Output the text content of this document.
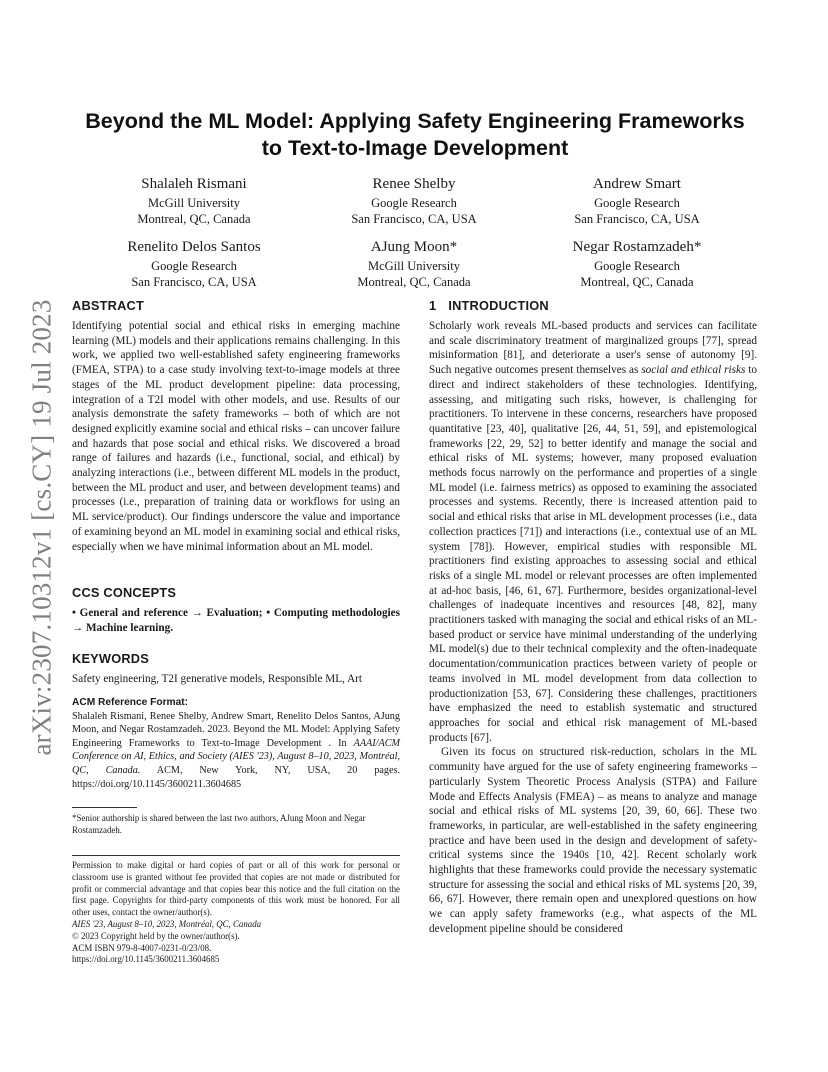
arXiv:2307.10312v1 [cs.CY] 19 Jul 2023
Beyond the ML Model: Applying Safety Engineering Frameworks
to Text-to-Image Development
Shalaleh Rismani
McGill University
Montreal, QC, Canada
Renee Shelby
Google Research
San Francisco, CA, USA
Andrew Smart
Google Research
San Francisco, CA, USA
Renelito Delos Santos
Google Research
San Francisco, CA, USA
AJung Moon*
McGill University
Montreal, QC, Canada
Negar Rostamzadeh*
Google Research
Montreal, QC, Canada
ABSTRACT

Identifying potential social and ethical risks in emerging machine learning (ML) models and their applications remains challenging. In this work, we applied two well-established safety engineering frameworks (FMEA, STPA) to a case study involving text-to-image models at three stages of the ML product development pipeline: data processing, integration of a T2I model with other models, and use. Results of our analysis demonstrate the safety frameworks – both of which are not designed explicitly examine social and ethical risks – can uncover failure and hazards that pose social and ethical risks. We discovered a broad range of failures and hazards (i.e., functional, social, and ethical) by analyzing interactions (i.e., between different ML models in the product, between the ML product and user, and between development teams) and processes (i.e., preparation of training data or workflows for using an ML service/product). Our findings underscore the value and importance of examining beyond an ML model in examining social and ethical risks, especially when we have minimal information about an ML model.

CCS CONCEPTS

• General and reference → Evaluation; • Computing methodologies → Machine learning.

KEYWORDS

Safety engineering, T2I generative models, Responsible ML, Art

ACM Reference Format:

Shalaleh Rismani, Renee Shelby, Andrew Smart, Renelito Delos Santos, AJung Moon, and Negar Rostamzadeh. 2023. Beyond the ML Model: Applying Safety Engineering Frameworks to Text-to-Image Development . In AAAI/ACM Conference on AI, Ethics, and Society (AIES '23), August 8–10, 2023, Montréal, QC, Canada. ACM, New York, NY, USA, 20 pages. https://doi.org/10.1145/3600211.3604685

*Senior authorship is shared between the last two authors, AJung Moon and Negar Rostamzadeh.

Permission to make digital or hard copies of part or all of this work for personal or classroom use is granted without fee provided that copies are not made or distributed for profit or commercial advantage and that copies bear this notice and the full citation on the first page. Copyrights for third-party components of this work must be honored. For all other uses, contact the owner/author(s).

AIES '23, August 8–10, 2023, Montréal, QC, Canada

© 2023 Copyright held by the owner/author(s).

ACM ISBN 979-8-4007-0231-0/23/08.

https://doi.org/10.1145/3600211.3604685

1 INTRODUCTION

Scholarly work reveals ML-based products and services can facilitate and scale discriminatory treatment of marginalized groups [77], spread misinformation [81], and deteriorate a user's sense of autonomy [9]. Such negative outcomes present themselves as social and ethical risks to direct and indirect stakeholders of these technologies. Identifying, assessing, and mitigating such risks, however, is challenging for practitioners. To intervene in these concerns, researchers have proposed quantitative [23, 40], qualitative [26, 44, 51, 59], and epistemological frameworks [22, 29, 52] to better identify and manage the social and ethical risks of ML systems; however, many proposed evaluation methods focus narrowly on the performance and properties of a single ML model (i.e. fairness metrics) as opposed to examining the associated processes and systems. Recently, there is increased attention paid to social and ethical risks that arise in ML development processes (i.e., data collection practices [71]) and interactions (i.e., contextual use of an ML system [78]). However, empirical studies with responsible ML practitioners find existing approaches to assessing social and ethical risks of a single ML model or relevant processes are often implemented at ad-hoc basis, [46, 61, 67]. Furthermore, besides organizational-level challenges of inadequate incentives and resources [48, 82], many practitioners tasked with managing the social and ethical risks of an ML-based product or service have minimal understanding of the underlying ML model(s) due to their technical complexity and the often-inadequate documentation/communication practices between variety of people or teams involved in ML model development from data collection to productionization [53, 67]. Considering these challenges, practitioners have emphasized the need to establish systematic and structured approaches for social and ethical risk management of ML-based products [67].

Given its focus on structured risk-reduction, scholars in the ML community have argued for the use of safety engineering frameworks – particularly System Theoretic Process Analysis (STPA) and Failure Mode and Effects Analysis (FMEA) – as means to analyze and manage social and ethical risks of ML systems [20, 39, 60, 66]. These two frameworks, in particular, are well-established in the safety engineering practice and have been used in the design and development of safety-critical systems since the 1940s [10, 42]. Recent scholarly work highlights that these frameworks could provide the necessary systematic structure for assessing the social and ethical risks of ML systems [20, 39, 66, 67]. However, there remain open and unexplored questions on how we can apply safety frameworks (e.g., what aspects of the ML development pipeline should be considered
